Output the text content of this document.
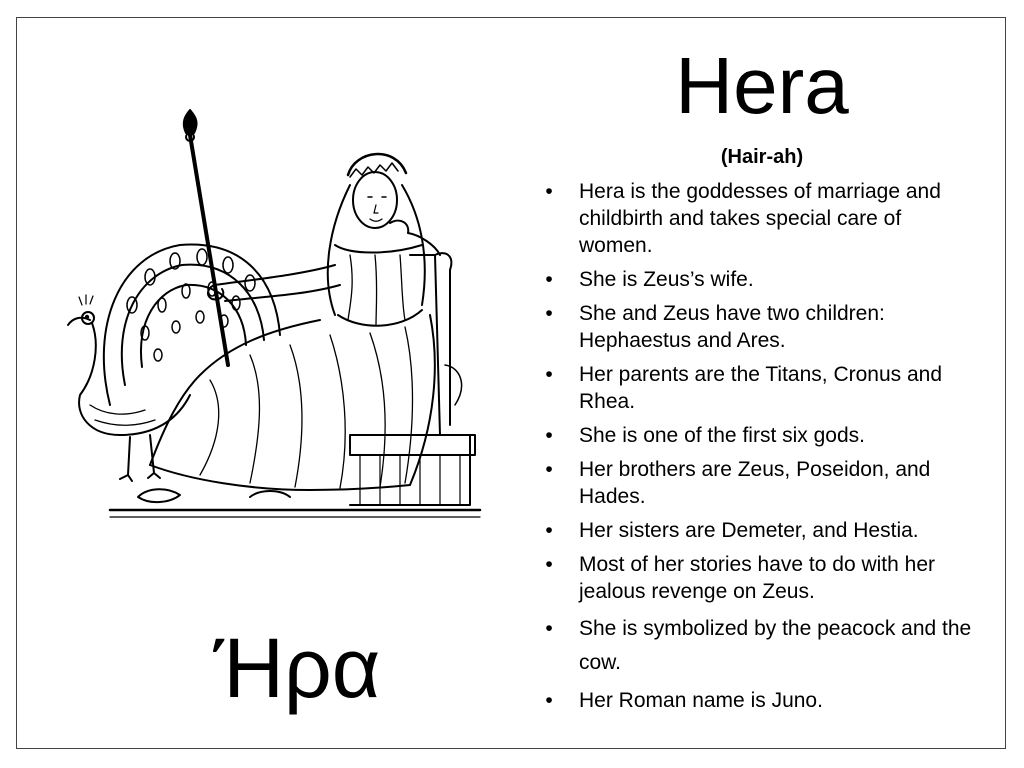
Hera
(Hair-ah)
•	Hera is the goddesses of marriage and childbirth and takes special care of women.
•	She is Zeus’s wife.
•	She and Zeus have two children: Hephaestus and Ares.
•	Her parents are the Titans, Cronus and Rhea.
•	She is one of the first six gods.
•	Her brothers are Zeus, Poseidon, and Hades.
•	Her sisters are Demeter, and Hestia.
•	Most of her stories have to do with her jealous revenge on Zeus.
•	She is symbolized by the peacock and the cow.
•	Her Roman name is Juno.
Ήρα
